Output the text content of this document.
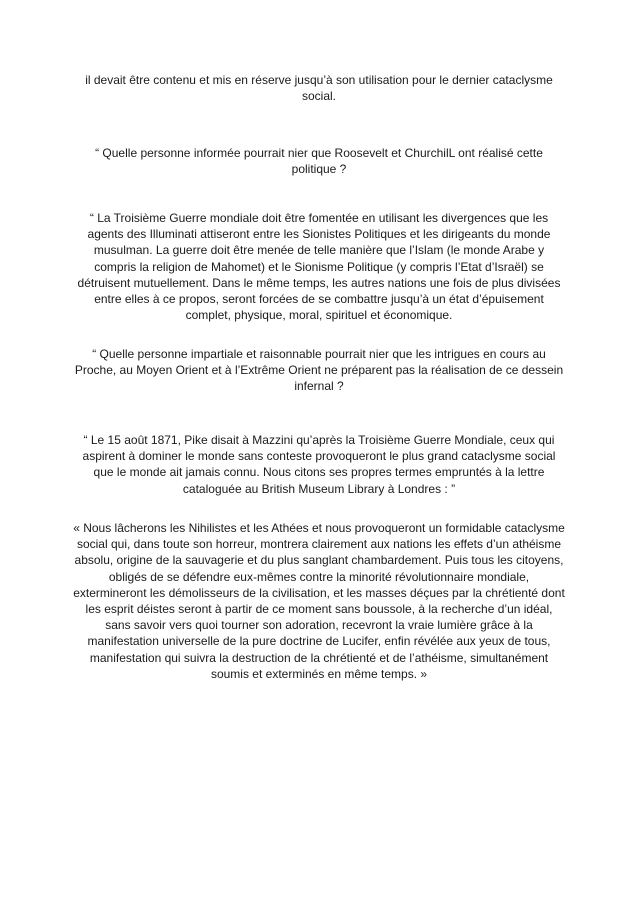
il devait être contenu et mis en réserve jusqu’à son utilisation pour le dernier cataclysme
social.

“ Quelle personne informée pourrait nier que Roosevelt et ChurchilL ont réalisé cette
politique ?

“ La Troisième Guerre mondiale doit être fomentée en utilisant les divergences que les
agents des Illuminati attiseront entre les Sionistes Politiques et les dirigeants du monde
musulman. La guerre doit être menée de telle manière que l’Islam (le monde Arabe y
compris la religion de Mahomet) et le Sionisme Politique (y compris l’Etat d’Israël) se
détruisent mutuellement. Dans le même temps, les autres nations une fois de plus divisées
entre elles à ce propos, seront forcées de se combattre jusqu’à un état d’épuisement
complet, physique, moral, spirituel et économique.

“ Quelle personne impartiale et raisonnable pourrait nier que les intrigues en cours au
Proche, au Moyen Orient et à l’Extrême Orient ne préparent pas la réalisation de ce dessein
infernal ?

“ Le 15 août 1871, Pike disait à Mazzini qu’après la Troisième Guerre Mondiale, ceux qui
aspirent à dominer le monde sans conteste provoqueront le plus grand cataclysme social
que le monde ait jamais connu. Nous citons ses propres termes empruntés à la lettre
cataloguée au British Museum Library à Londres : ”

« Nous lâcherons les Nihilistes et les Athées et nous provoqueront un formidable cataclysme
social qui, dans toute son horreur, montrera clairement aux nations les effets d’un athéisme
absolu, origine de la sauvagerie et du plus sanglant chambardement. Puis tous les citoyens,
obligés de se défendre eux-mêmes contre la minorité révolutionnaire mondiale,
extermineront les démolisseurs de la civilisation, et les masses déçues par la chrétienté dont
les esprit déistes seront à partir de ce moment sans boussole, à la recherche d’un idéal,
sans savoir vers quoi tourner son adoration, recevront la vraie lumière grâce à la
manifestation universelle de la pure doctrine de Lucifer, enfin révélée aux yeux de tous,
manifestation qui suivra la destruction de la chrétienté et de l’athéisme, simultanément
soumis et exterminés en même temps. »
